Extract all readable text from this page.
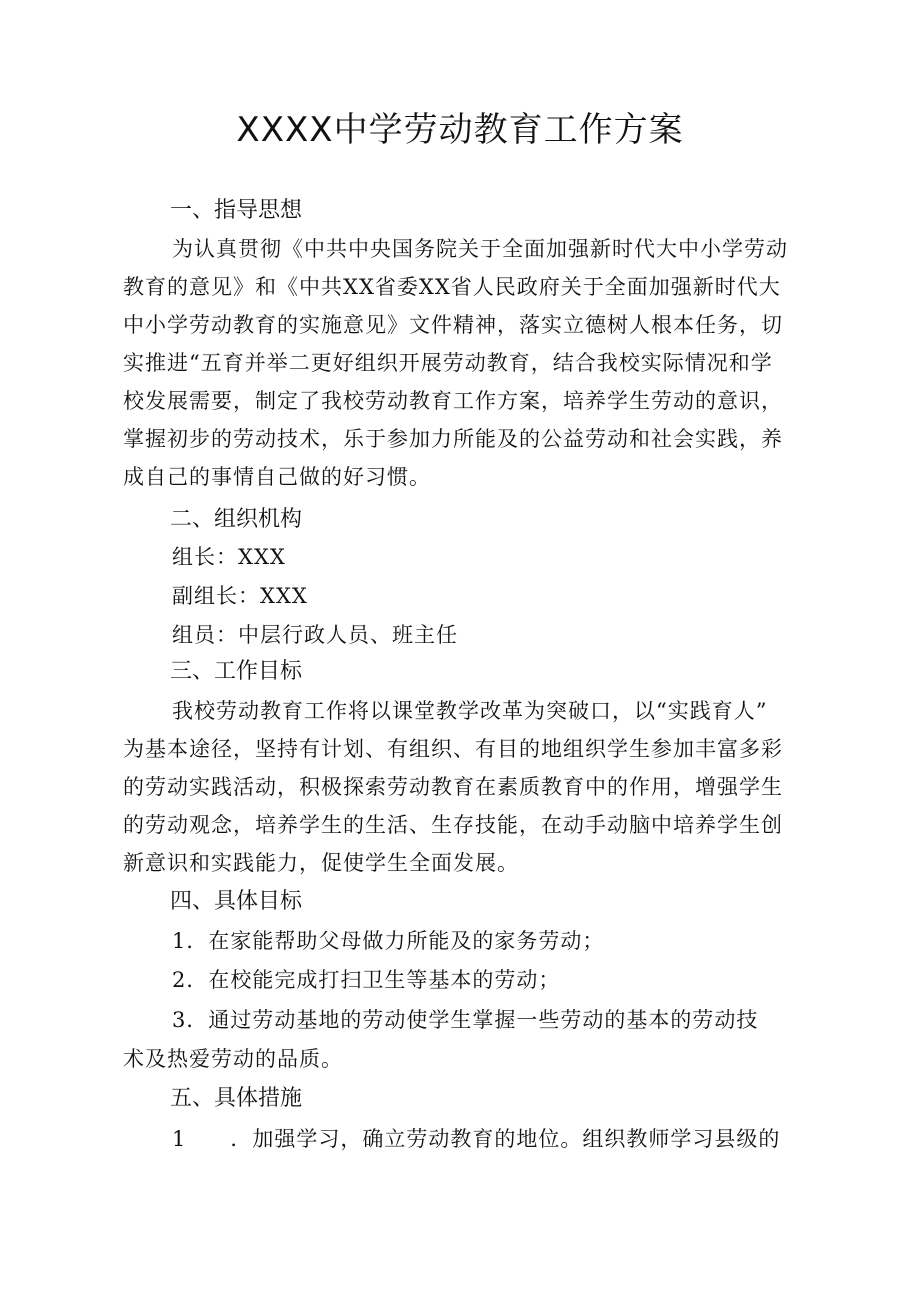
XXXX中学劳动教育工作方案
一、指导思想
为认真贯彻《中共中央国务院关于全面加强新时代大中小学劳动
教育的意见》和《中共XX省委XX省人民政府关于全面加强新时代大
中小学劳动教育的实施意见》文件精神，落实立德树人根本任务，切
实推进“五育并举二更好组织开展劳动教育，结合我校实际情况和学
校发展需要，制定了我校劳动教育工作方案，培养学生劳动的意识，
掌握初步的劳动技术，乐于参加力所能及的公益劳动和社会实践，养
成自己的事情自己做的好习惯。
二、组织机构
组长：XXX
副组长：XXX
组员：中层行政人员、班主任
三、工作目标
我校劳动教育工作将以课堂教学改革为突破口，以“实践育人”
为基本途径，坚持有计划、有组织、有目的地组织学生参加丰富多彩
的劳动实践活动，积极探索劳动教育在素质教育中的作用，增强学生
的劳动观念，培养学生的生活、生存技能，在动手动脑中培养学生创
新意识和实践能力，促使学生全面发展。
四、具体目标
1．在家能帮助父母做力所能及的家务劳动；
2．在校能完成打扫卫生等基本的劳动；
3．通过劳动基地的劳动使学生掌握一些劳动的基本的劳动技
术及热爱劳动的品质。
五、具体措施
1　　．加强学习，确立劳动教育的地位。组织教师学习县级的
